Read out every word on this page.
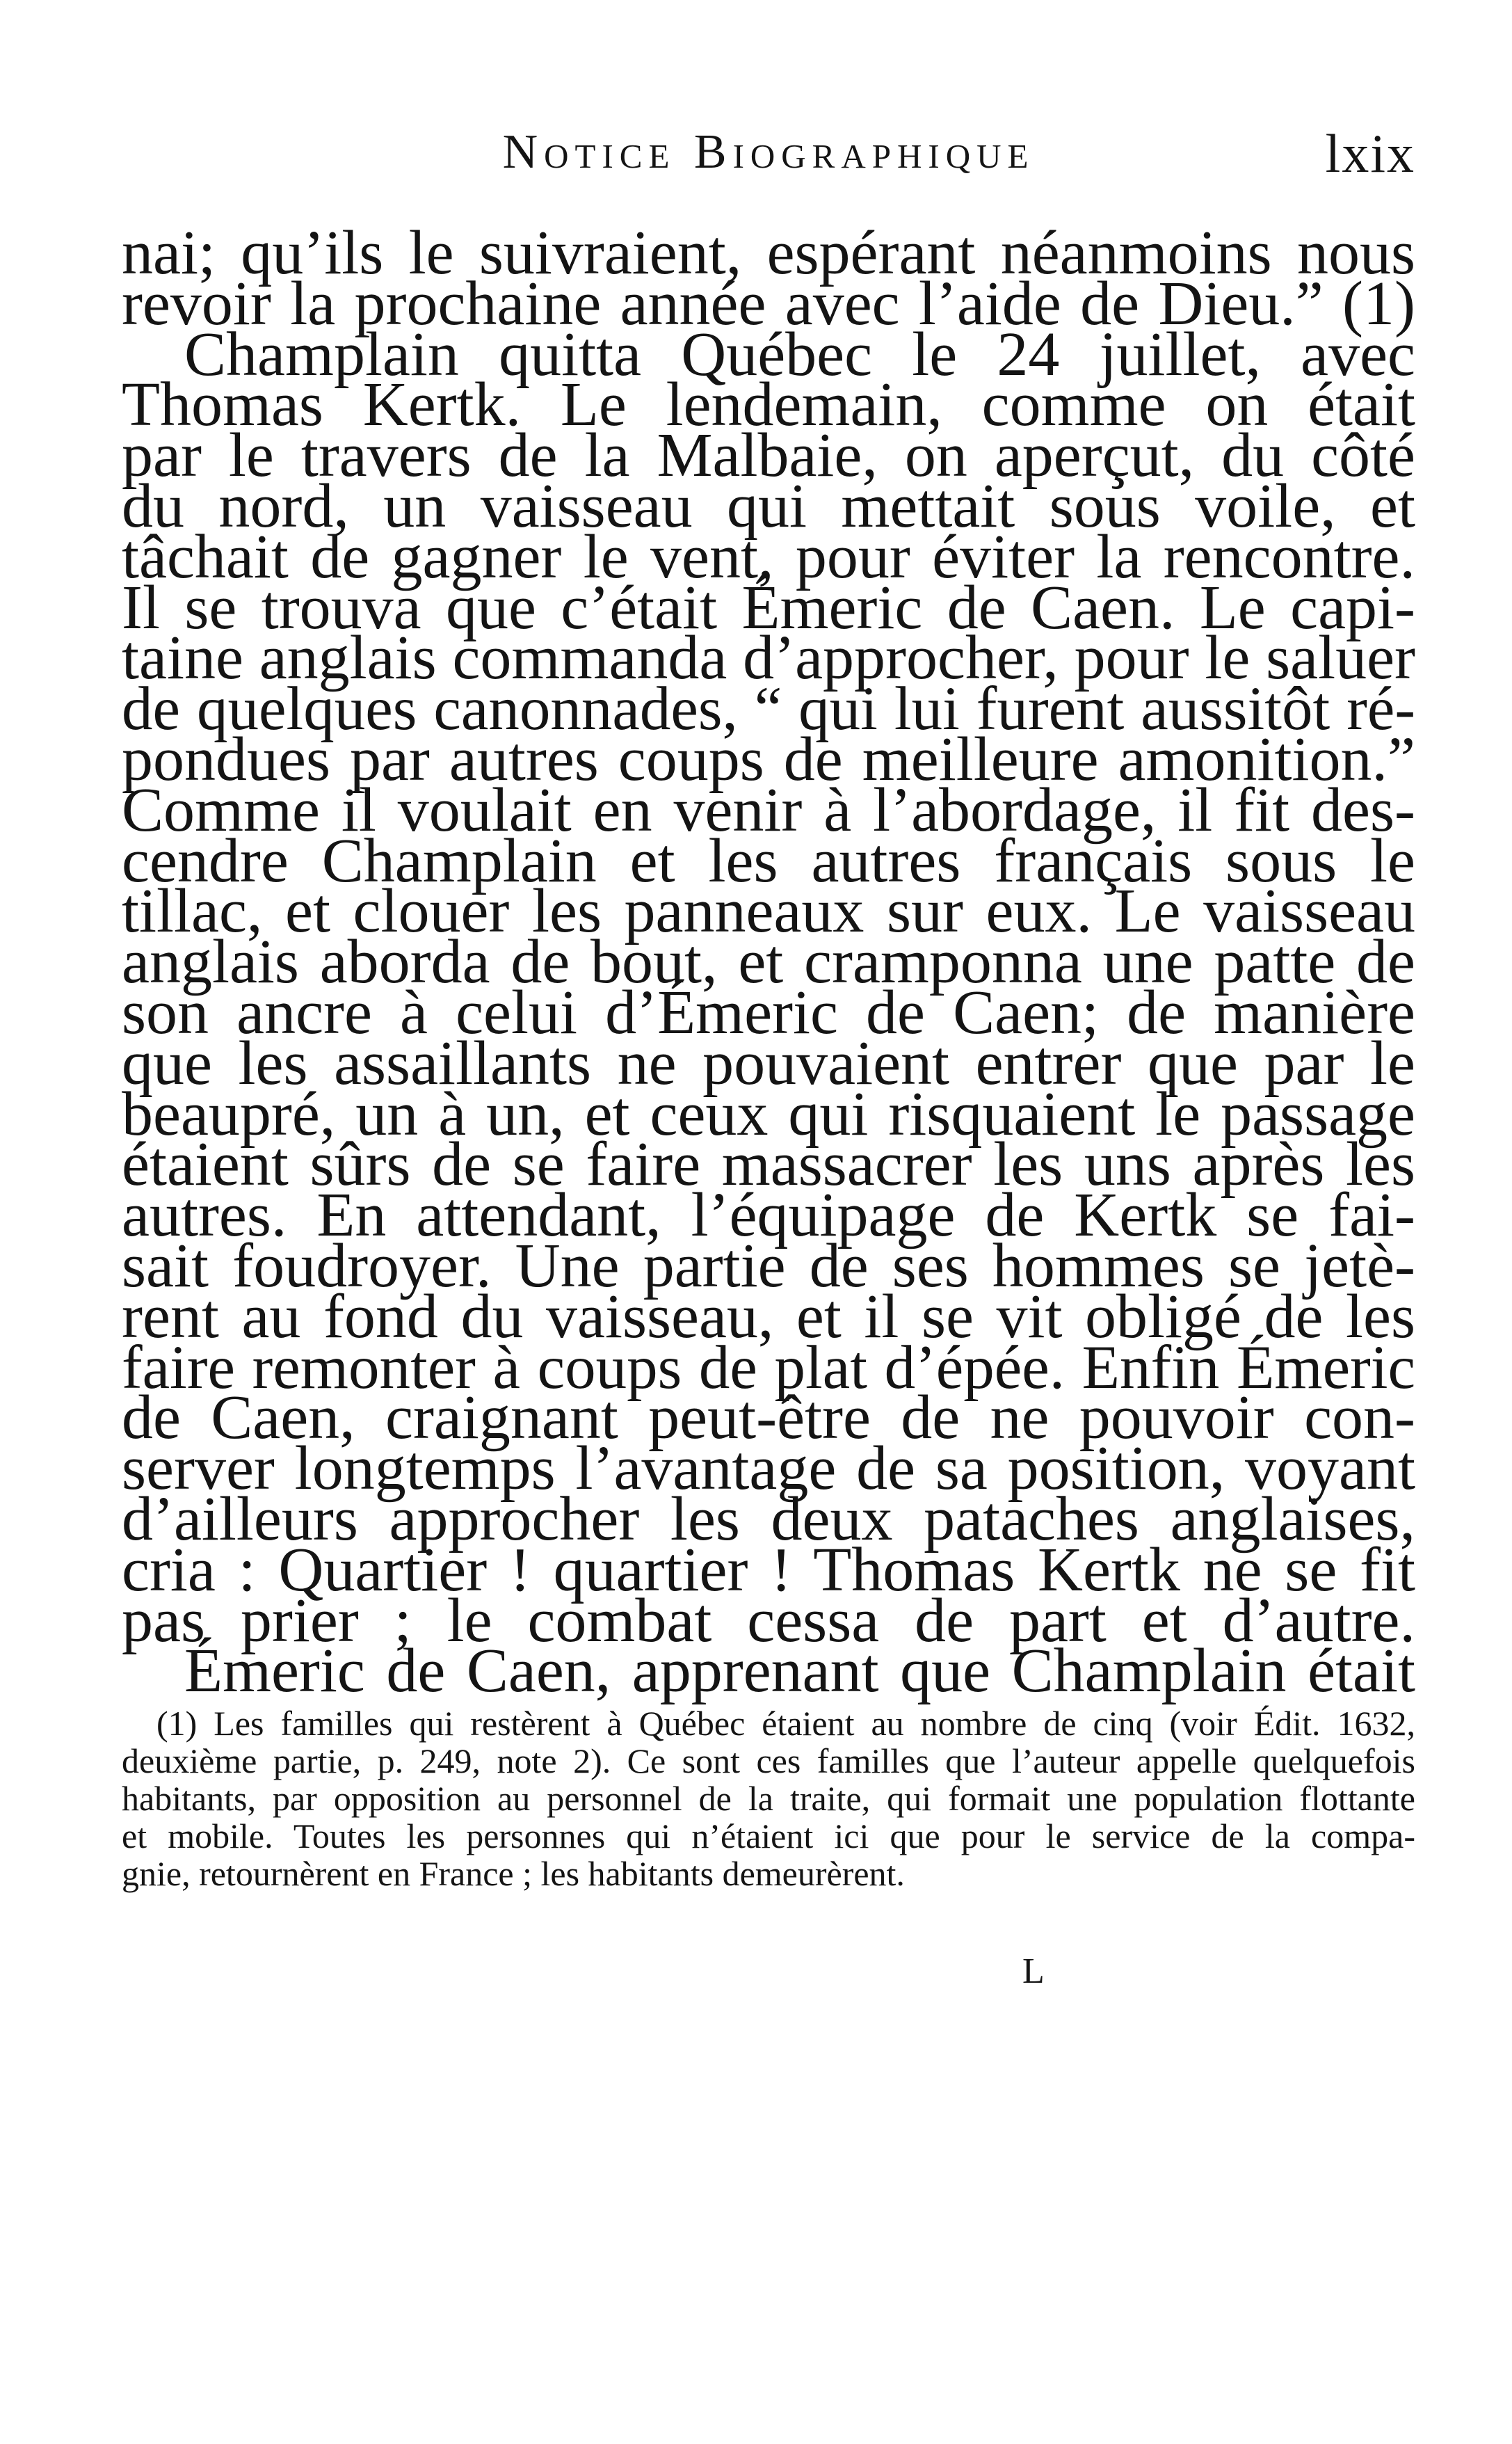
Notice Biographique	lxix
nai; qu’ils le suivraient, espérant néanmoins nous
revoir la prochaine année avec l’aide de Dieu.” (1)
Champlain quitta Québec le 24 juillet, avec
Thomas Kertk. Le lendemain, comme on était
par le travers de la Malbaie, on aperçut, du côté
du nord, un vaisseau qui mettait sous voile, et
tâchait de gagner le vent, pour éviter la rencontre.
Il se trouva que c’était Émeric de Caen. Le capi-
taine anglais commanda d’approcher, pour le saluer
de quelques canonnades, “ qui lui furent aussitôt ré-
pondues par autres coups de meilleure amonition.”
Comme il voulait en venir à l’abordage, il fit des-
cendre Champlain et les autres français sous le
tillac, et clouer les panneaux sur eux. Le vaisseau
anglais aborda de bout, et cramponna une patte de
son ancre à celui d’Émeric de Caen; de manière
que les assaillants ne pouvaient entrer que par le
beaupré, un à un, et ceux qui risquaient le passage
étaient sûrs de se faire massacrer les uns après les
autres. En attendant, l’équipage de Kertk se fai-
sait foudroyer. Une partie de ses hommes se jetè-
rent au fond du vaisseau, et il se vit obligé de les
faire remonter à coups de plat d’épée. Enfin Émeric
de Caen, craignant peut-être de ne pouvoir con-
server longtemps l’avantage de sa position, voyant
d’ailleurs approcher les deux pataches anglaises,
cria : Quartier ! quartier ! Thomas Kertk ne se fit
pas prier ; le combat cessa de part et d’autre.
Émeric de Caen, apprenant que Champlain était
(1) Les familles qui restèrent à Québec étaient au nombre de cinq (voir Édit. 1632,
deuxième partie, p. 249, note 2). Ce sont ces familles que l’auteur appelle quelquefois
habitants, par opposition au personnel de la traite, qui formait une population flottante
et mobile. Toutes les personnes qui n’étaient ici que pour le service de la compa-
gnie, retournèrent en France ; les habitants demeurèrent.
L
